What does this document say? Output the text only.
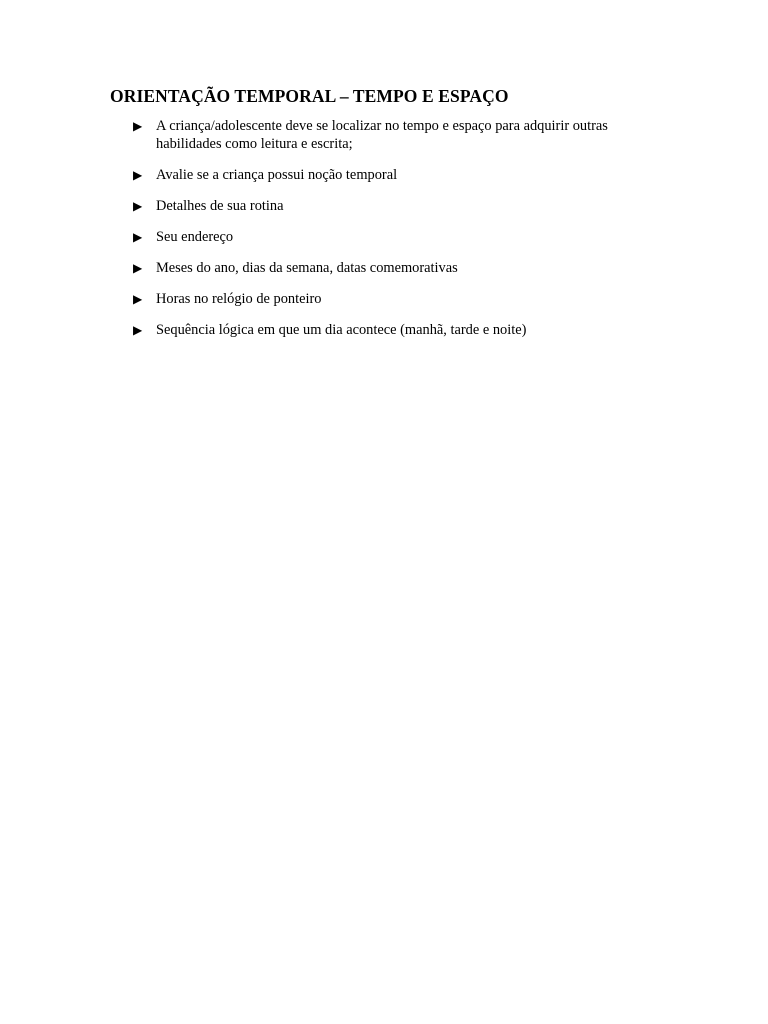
ORIENTAÇÃO TEMPORAL – TEMPO E ESPAÇO
▶ A criança/adolescente deve se localizar no tempo e espaço para adquirir outras habilidades como leitura e escrita;
▶ Avalie se a criança possui noção temporal
▶ Detalhes de sua rotina
▶ Seu endereço
▶ Meses do ano, dias da semana, datas comemorativas
▶ Horas no relógio de ponteiro
▶ Sequência lógica em que um dia acontece (manhã, tarde e noite)
